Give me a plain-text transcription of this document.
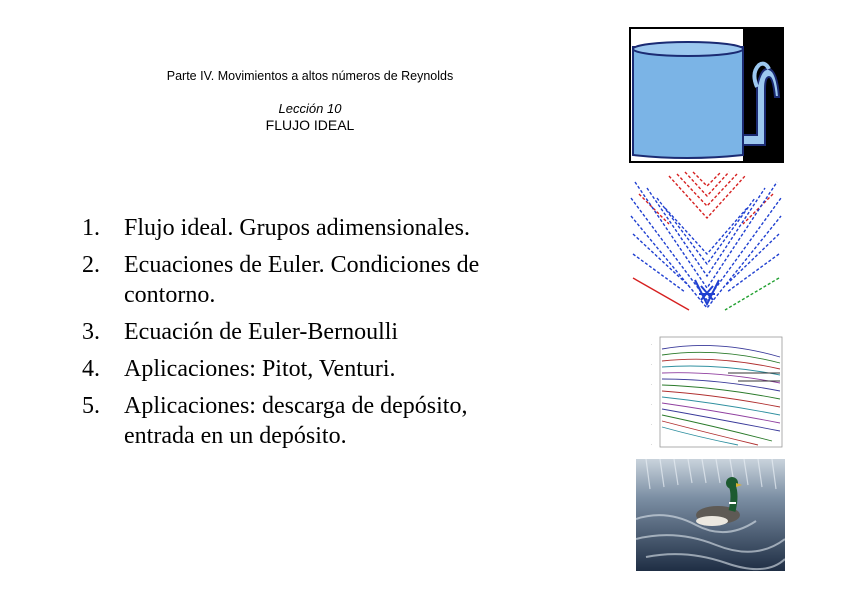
Parte IV. Movimientos a altos números de Reynolds
Lección 10
FLUJO IDEAL
1.	Flujo ideal. Grupos adimensionales.
2.	Ecuaciones de Euler. Condiciones de contorno.
3.	Ecuación de Euler-Bernoulli
4.	Aplicaciones: Pitot, Venturi.
5.	Aplicaciones: descarga de depósito, entrada en un depósito.
.
.
.
.
.
.
